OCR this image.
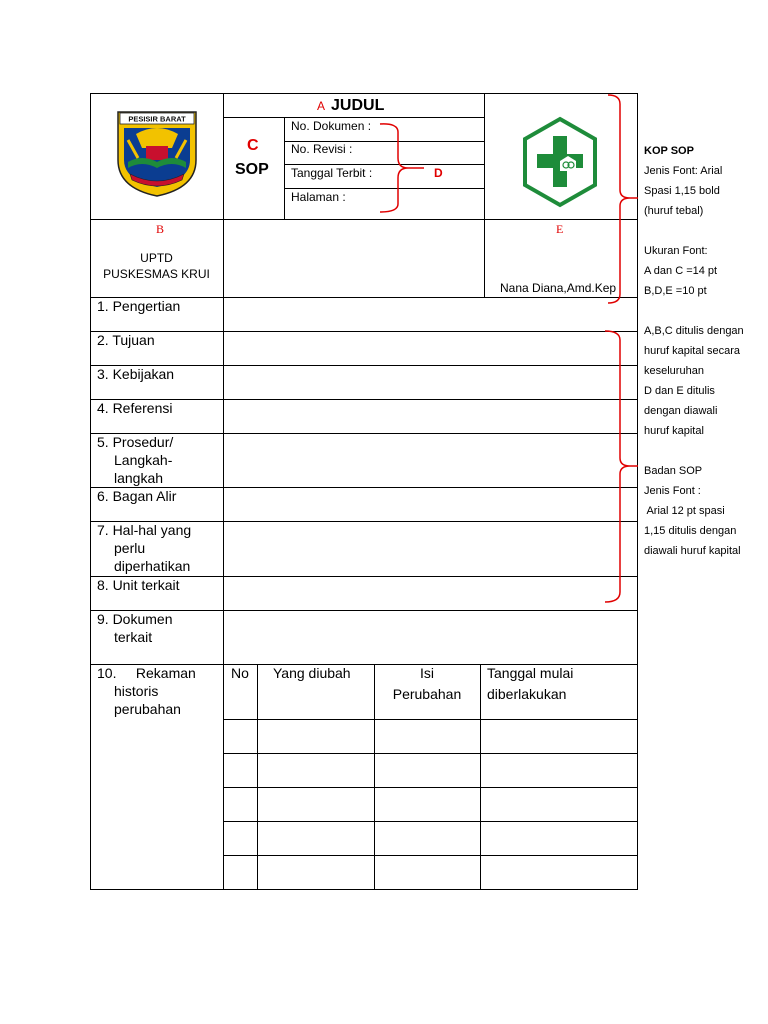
PESISIR BARAT
A JUDUL
C
SOP
No. Dokumen :
No. Revisi :
Tanggal Terbit :
Halaman :
D
B
UPTD
PUSKESMAS KRUI
E
Nana Diana,Amd.Kep
1. Pengertian
2. Tujuan
3. Kebijakan
4. Referensi
5. Prosedur/
Langkah-
langkah
6. Bagan Alir
7. Hal-hal yang
perlu
diperhatikan
8. Unit terkait
9. Dokumen
terkait
10.     Rekaman
historis
perubahan
No Yang diubah	Isi
Perubahan
Tanggal mulai
diberlakukan
KOP SOP
Jenis Font: Arial
Spasi 1,15 bold
(huruf tebal)
Ukuran Font:
A dan C =14 pt
B,D,E =10 pt
A,B,C ditulis dengan
huruf kapital secara
keseluruhan
D dan E ditulis
dengan diawali
huruf kapital
Badan SOP
Jenis Font :
Arial 12 pt spasi
1,15 ditulis dengan
diawali huruf kapital
